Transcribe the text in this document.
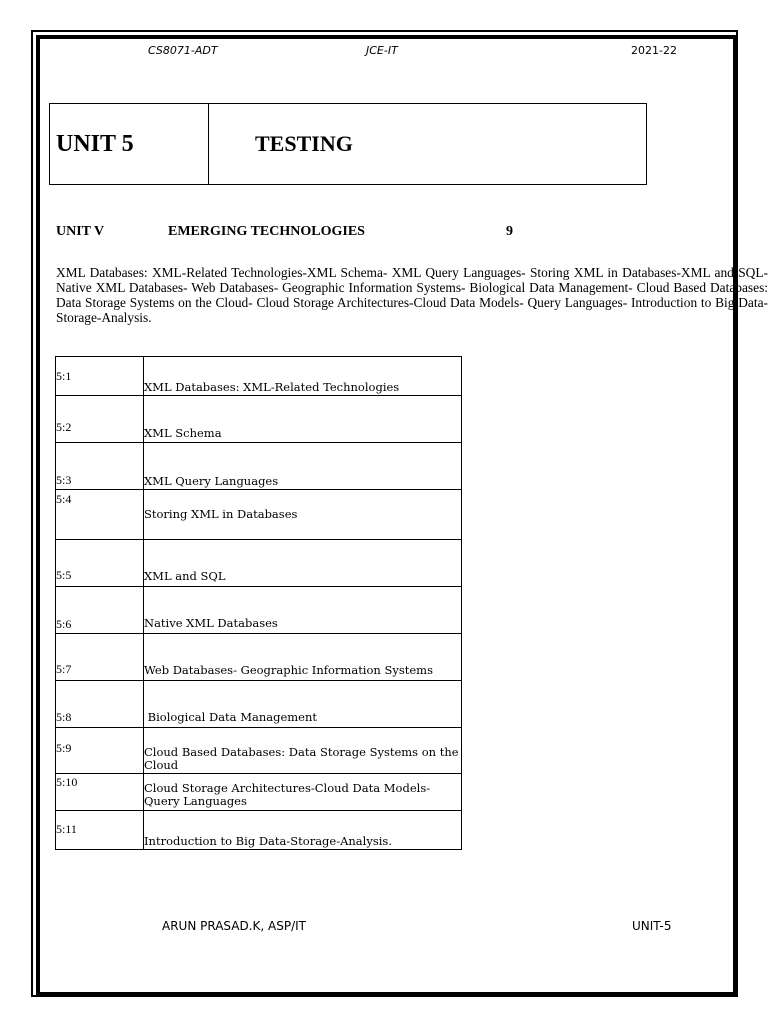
CS8071-ADT	JCE-IT	2021-22
UNIT 5	TESTING
UNIT V	EMERGING TECHNOLOGIES	9
XML Databases: XML-Related Technologies-XML Schema- XML Query Languages- Storing XML in Databases-XML and SQL- Native XML Databases- Web Databases- Geographic Information Systems- Biological Data Management- Cloud Based Databases: Data Storage Systems on the Cloud- Cloud Storage Architectures-Cloud Data Models- Query Languages- Introduction to Big Data-Storage-Analysis.
5:1	XML Databases: XML-Related Technologies

5:2	XML Schema

5:3	XML Query Languages

5:4	Storing XML in Databases

5:5	XML and SQL

5:6	Native XML Databases

5:7	Web Databases- Geographic Information Systems

5:8	Biological Data Management

5:9	Cloud Based Databases: Data Storage Systems on the Cloud

5:10	Cloud Storage Architectures-Cloud Data Models-Query Languages

5:11	Introduction to Big Data-Storage-Analysis.
ARUN PRASAD.K, ASP/IT	UNIT-5
